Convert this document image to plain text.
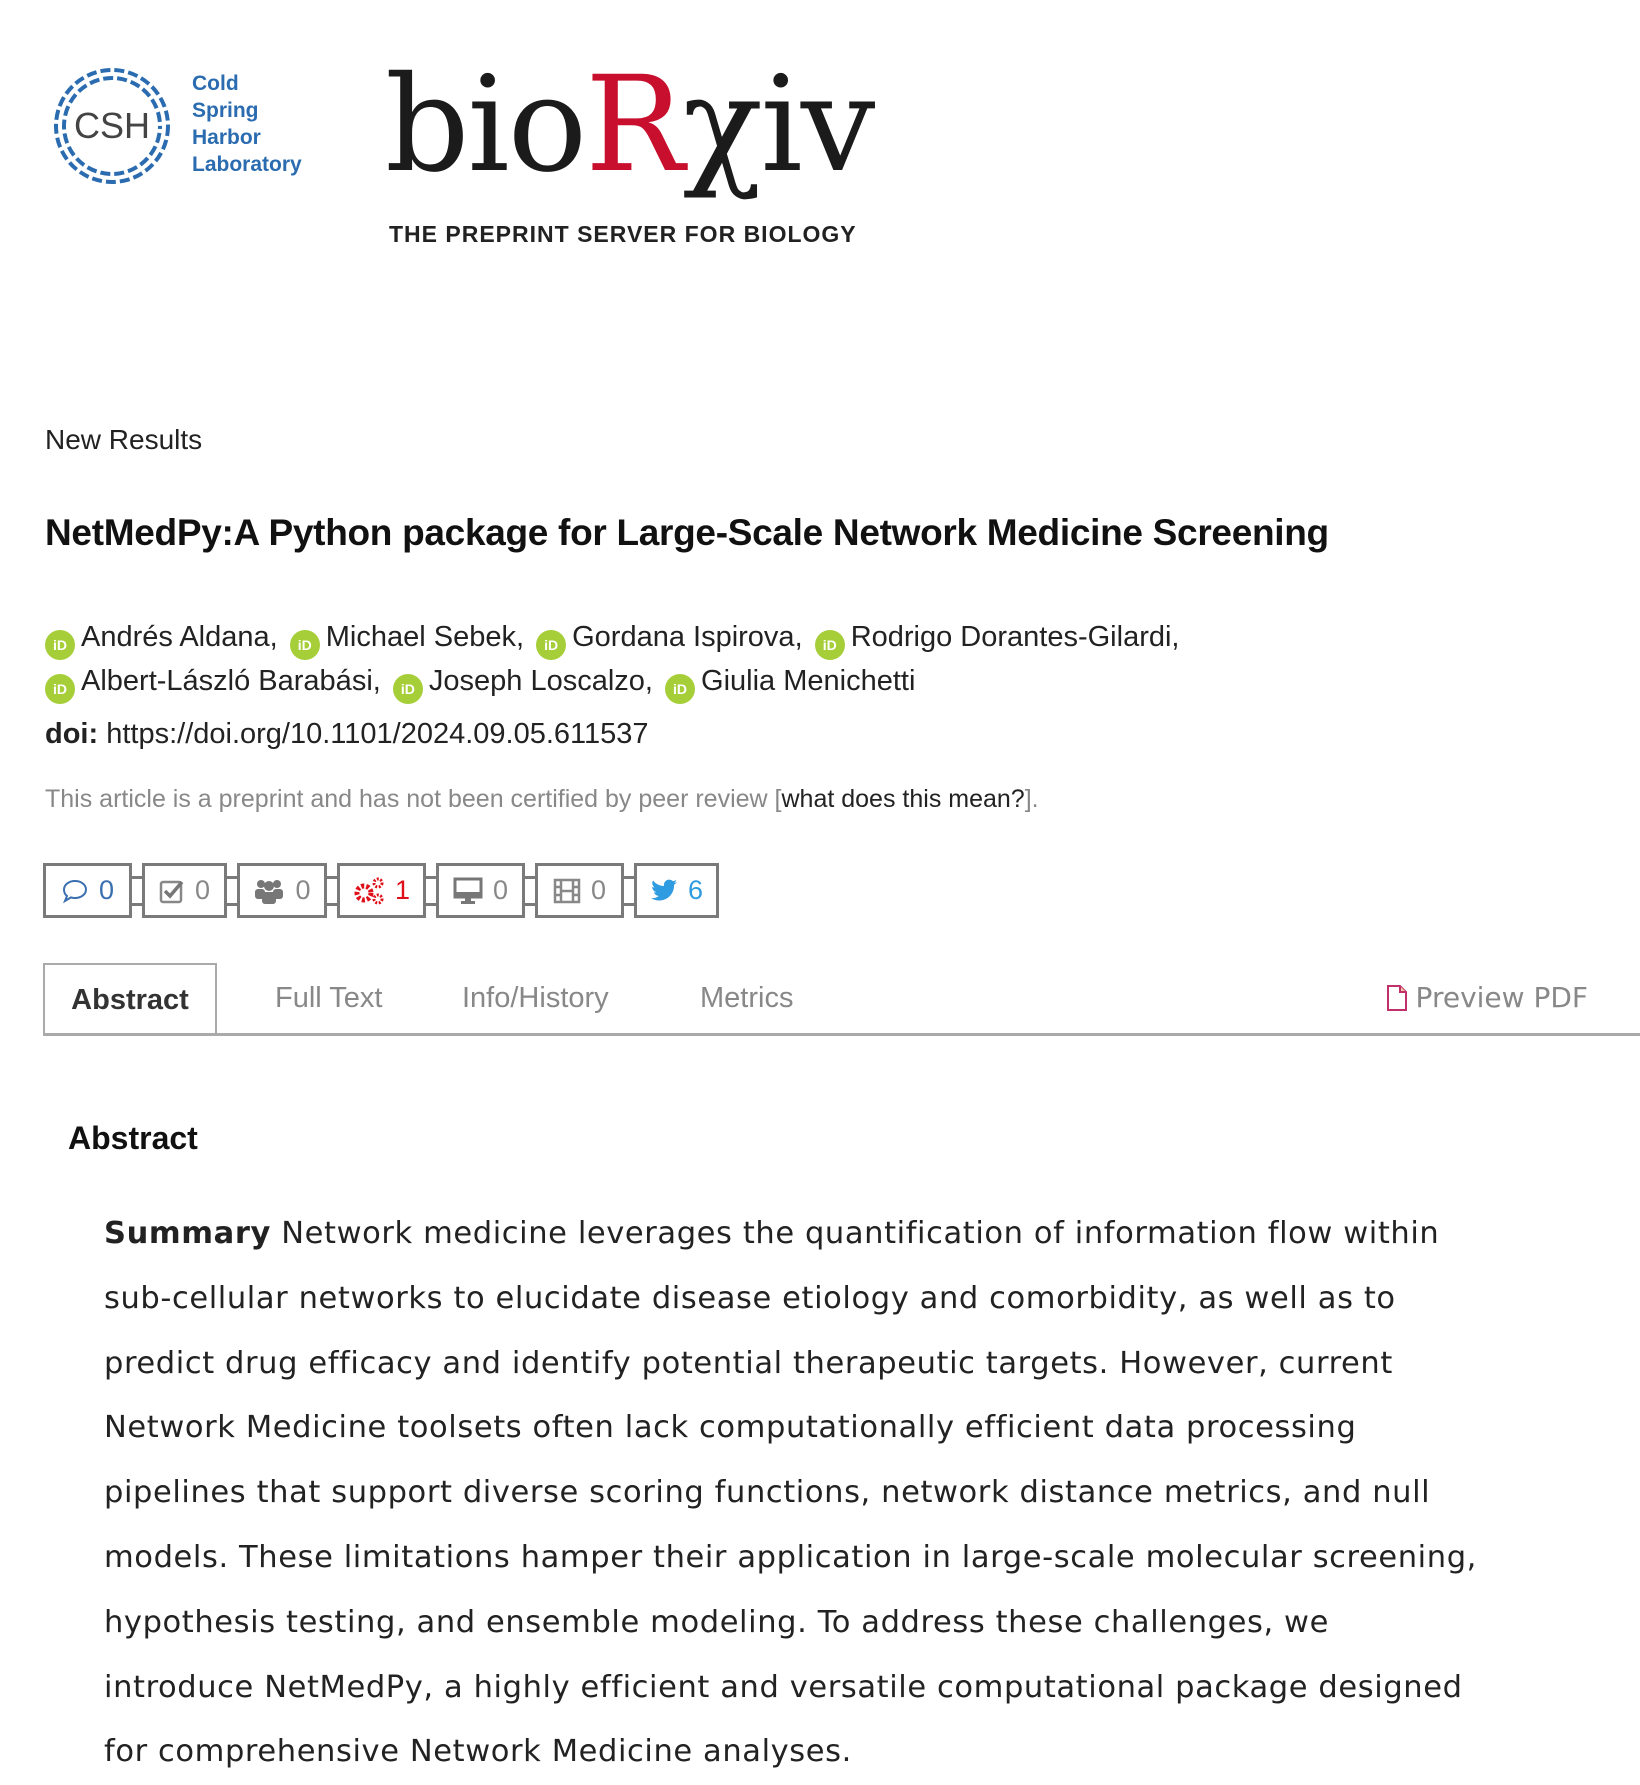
CSH
Cold
Spring
Harbor
Laboratory bioRχiv
THE PREPRINT SERVER FOR BIOLOGY
New Results
NetMedPy:A Python package for Large-Scale Network Medicine Screening
iD Andrés Aldana, iD Michael Sebek, iD Gordana Ispirova, iD Rodrigo Dorantes-Gilardi,
iD Albert-László Barabási, iD Joseph Loscalzo, iD Giulia Menichetti
doi: https://doi.org/10.1101/2024.09.05.611537
This article is a preprint and has not been certified by peer review [what does this mean?].
0	0	0	1	0	0	6
Abstract	Full Text	Info/History	Metrics	Preview PDF
Abstract
Summary Network medicine leverages the quantification of information flow within
sub-cellular networks to elucidate disease etiology and comorbidity, as well as to
predict drug efficacy and identify potential therapeutic targets. However, current
Network Medicine toolsets often lack computationally efficient data processing
pipelines that support diverse scoring functions, network distance metrics, and null
models. These limitations hamper their application in large-scale molecular screening,
hypothesis testing, and ensemble modeling. To address these challenges, we
introduce NetMedPy, a highly efficient and versatile computational package designed
for comprehensive Network Medicine analyses.
